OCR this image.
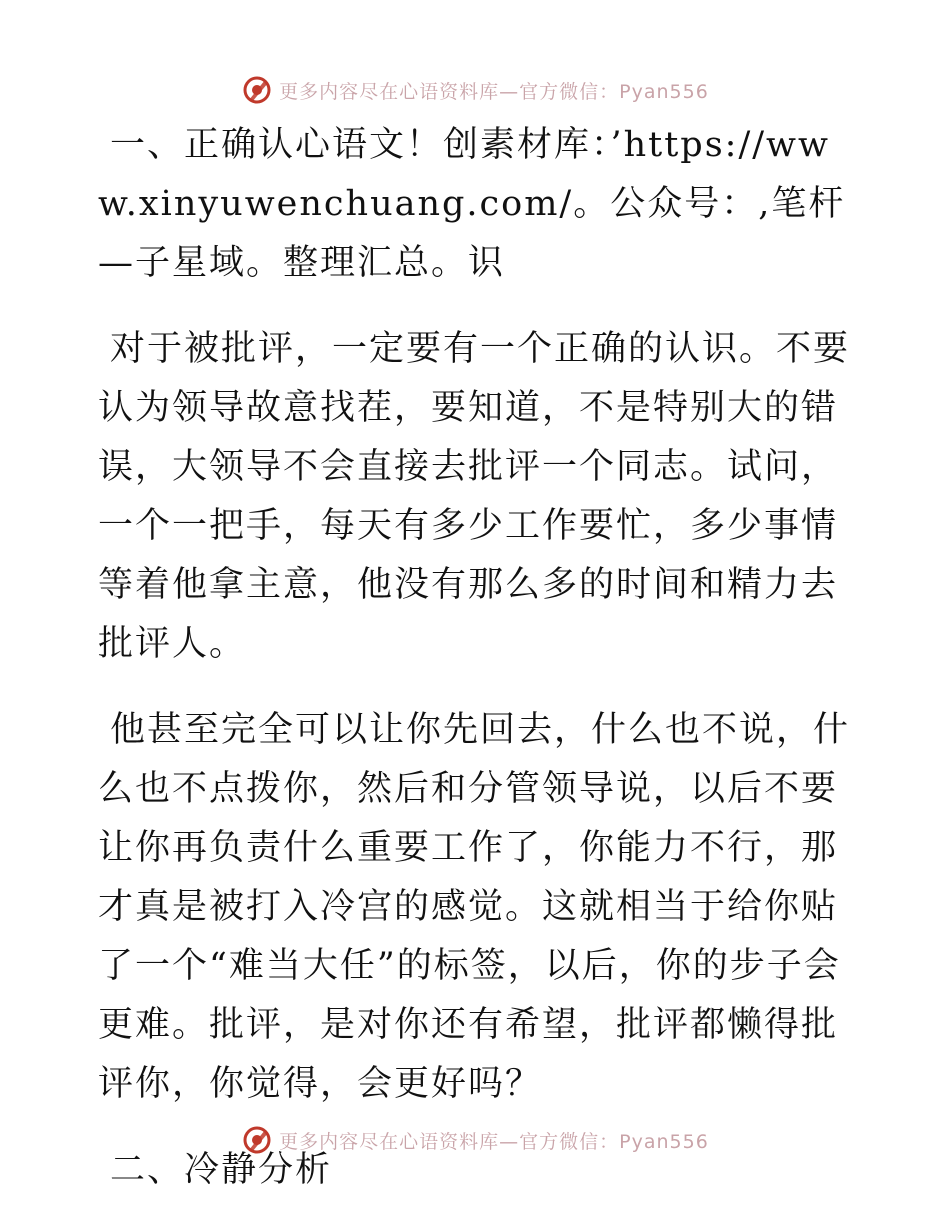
更多内容尽在心语资料库—官方微信：Pyan556

一、正确认心语文！创素材库：’https://www.xinyuwenchuang.com/。公众号：,笔杆—子星域。整理汇总。识

对于被批评，一定要有一个正确的认识。不要认为领导故意找茬，要知道，不是特别大的错误，大领导不会直接去批评一个同志。试问，一个一把手，每天有多少工作要忙，多少事情等着他拿主意，他没有那么多的时间和精力去批评人。

他甚至完全可以让你先回去，什么也不说，什么也不点拨你，然后和分管领导说，以后不要让你再负责什么重要工作了，你能力不行，那才真是被打入冷宫的感觉。这就相当于给你贴了一个“难当大任”的标签，以后，你的步子会更难。批评，是对你还有希望，批评都懒得批评你，你觉得，会更好吗？

二、冷静分析

更多内容尽在心语资料库—官方微信：Pyan556
